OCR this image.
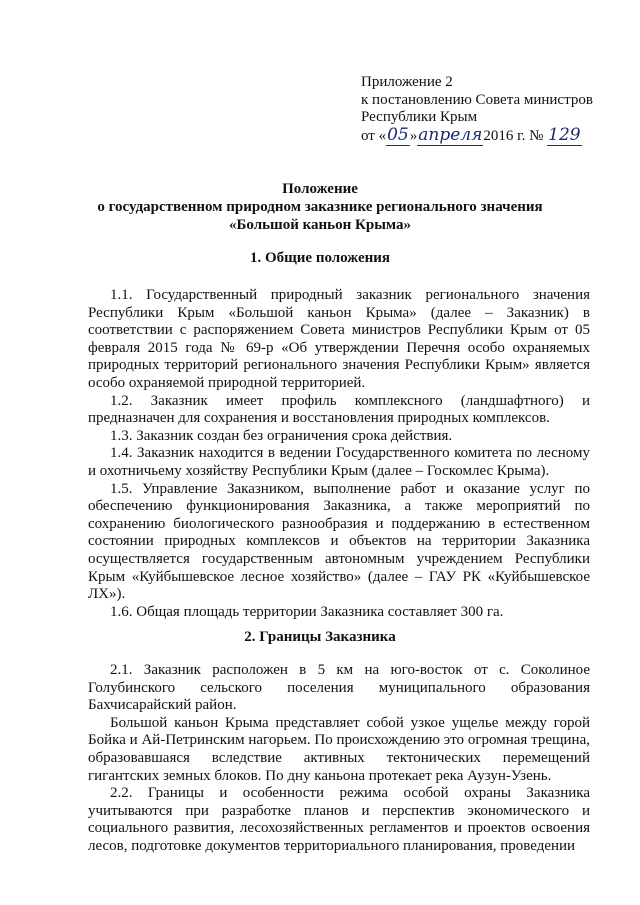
Приложение 2
к постановлению Совета министров
Республики Крым
от «05»апреля2016 г. № 129
Положение
о государственном природном заказнике регионального значения
«Большой каньон Крыма»
1. Общие положения

1.1. Государственный природный заказник регионального значения Республики Крым «Большой каньон Крыма» (далее – Заказник) в соответствии с распоряжением Совета министров Республики Крым от 05 февраля 2015 года № 69-р «Об утверждении Перечня особо охраняемых природных территорий регионального значения Республики Крым» является особо охраняемой природной территорией.

1.2. Заказник имеет профиль комплексного (ландшафтного) и предназначен для сохранения и восстановления природных комплексов.

1.3. Заказник создан без ограничения срока действия.

1.4. Заказник находится в ведении Государственного комитета по лесному и охотничьему хозяйству Республики Крым (далее – Госкомлес Крыма).

1.5. Управление Заказником, выполнение работ и оказание услуг по обеспечению функционирования Заказника, а также мероприятий по сохранению биологического разнообразия и поддержанию в естественном состоянии природных комплексов и объектов на территории Заказника осуществляется государственным автономным учреждением Республики Крым «Куйбышевское лесное хозяйство» (далее – ГАУ РК «Куйбышевское ЛХ»).

1.6. Общая площадь территории Заказника составляет 300 га.

2. Границы Заказника

2.1. Заказник расположен в 5 км на юго-восток от с. Соколиное Голубинского сельского поселения муниципального образования Бахчисарайский район.

Большой каньон Крыма представляет собой узкое ущелье между горой Бойка и Ай-Петринским нагорьем. По происхождению это огромная трещина, образовавшаяся вследствие активных тектонических перемещений гигантских земных блоков. По дну каньона протекает река Аузун-Узень.

2.2. Границы и особенности режима особой охраны Заказника учитываются при разработке планов и перспектив экономического и социального развития, лесохозяйственных регламентов и проектов освоения лесов, подготовке документов территориального планирования, проведении
